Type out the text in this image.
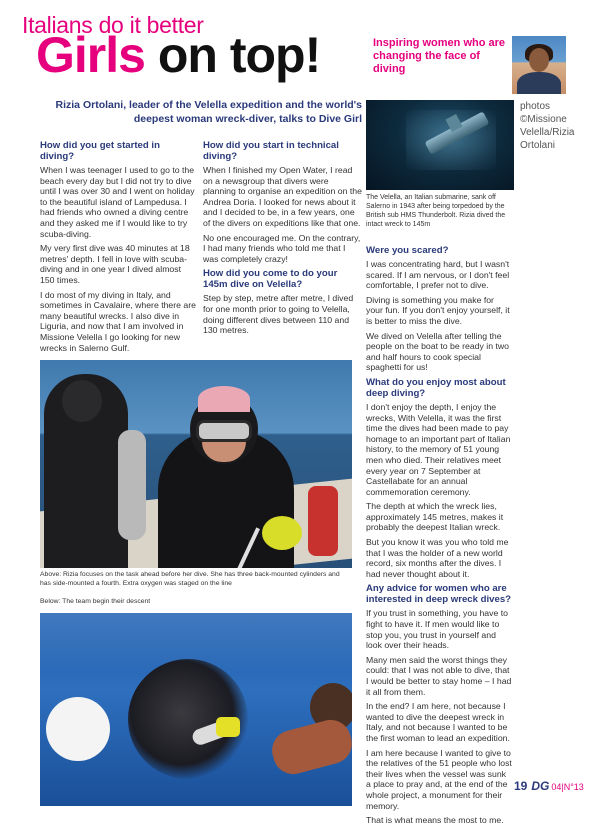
Italians do it better
Girls on top!	Inspiring women who are changing the face of diving
photos ©Missione Velella/Rizia Ortolani
Rizia Ortolani, leader of the Velella expedition and the world's deepest woman wreck-diver, talks to Dive Girl
How did you get started in diving?

When I was teenager I used to go to the beach every day but I did not try to dive until I was over 30 and I went on holiday to the beautiful island of Lampedusa. I had friends who owned a diving centre and they asked me if I would like to try scuba-diving.

My very first dive was 40 minutes at 18 metres' depth. I fell in love with scuba-diving and in one year I dived almost 150 times.

I do most of my diving in Italy, and sometimes in Cavalaire, where there are many beautiful wrecks. I also dive in Liguria, and now that I am involved in Missione Velella I go looking for new wrecks in Salerno Gulf.

How did you start in technical diving?

When I finished my Open Water, I read on a newsgroup that divers were planning to organise an expedition on the Andrea Doria. I looked for news about it and I decided to be, in a few years, one of the divers on expeditions like that one.

No one encouraged me. On the contrary, I had many friends who told me that I was completely crazy!

How did you come to do your 145m dive on Velella?

Step by step, metre after metre, I dived for one month prior to going to Velella, doing different dives between 110 and 130 metres.

The Velella, an Italian submarine, sank off Salerno in 1943 after being torpedoed by the British sub HMS Thunderbolt. Rizia dived the intact wreck to 145m
Were you scared?

I was concentrating hard, but I wasn't scared. If I am nervous, or I don't feel comfortable, I prefer not to dive.

Diving is something you make for your fun. If you don't enjoy yourself, it is better to miss the dive.

We dived on Velella after telling the people on the boat to be ready in two and half hours to cook special spaghetti for us!

What do you enjoy most about deep diving?

I don't enjoy the depth, I enjoy the wrecks, With Velella, it was the first time the dives had been made to pay homage to an important part of Italian history, to the memory of 51 young men who died. Their relatives meet every year on 7 September at Castellabate for an annual commemoration ceremony.

The depth at which the wreck lies, approximately 145 metres, makes it probably the deepest Italian wreck.

But you know it was you who told me that I was the holder of a new world record, six months after the dives. I had never thought about it.

Any advice for women who are interested in deep wreck dives?

If you trust in something, you have to fight to have it. If men would like to stop you, you trust in yourself and look over their heads.

Many men said the worst things they could: that I was not able to dive, that I would be better to stay home – I had it all from them.

In the end? I am here, not because I wanted to dive the deepest wreck in Italy, and not because I wanted to be the first woman to lead an expedition.

I am here because I wanted to give to the relatives of the 51 people who lost their lives when the vessel was sunk a place to pray and, at the end of the whole project, a monument for their memory.

That is what means the most to me.

Above: Rizia focuses on the task ahead before her dive. She has three back-mounted cylinders and has side-mounted a fourth. Extra oxygen was staged on the line
Below: The team begin their descent
19 DG 04|N°13
